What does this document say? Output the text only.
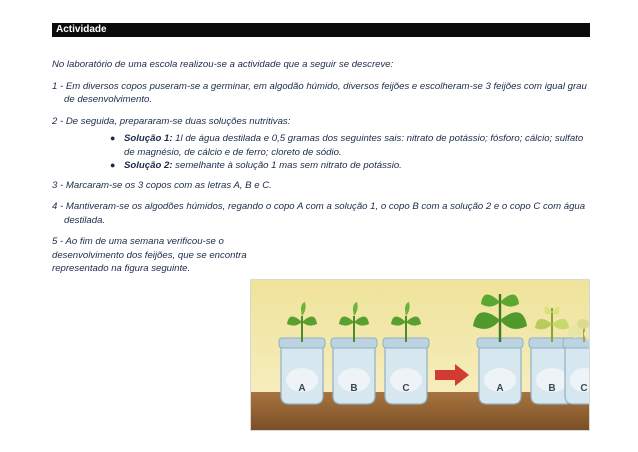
Actividade

No laboratório de uma escola realizou-se a actividade que a seguir se descreve:

1 - Em diversos copos puseram-se a germinar, em algodão húmido, diversos feijões e escolheram-se 3 feijões com igual grau de desenvolvimento.

2 - De seguida, prepararam-se duas soluções nutritivas:

● Solução 1: 1l de água destilada e 0,5 gramas dos seguintes sais: nitrato de potássio; fósforo; cálcio; sulfato de magnésio, de cálcio e de ferro; cloreto de sódio.
● Solução 2: semelhante à solução 1 mas sem nitrato de potássio.

3 - Marcaram-se os 3 copos com as letras A, B e C.

4 - Mantiveram-se os algodões húmidos, regando o copo A com a solução 1, o copo B com a solução 2 e o copo C com água destilada.

5 - Ao fim de uma semana verificou-se o desenvolvimento dos feijões, que se encontra representado na figura seguinte.

A	B	C	A	B C
